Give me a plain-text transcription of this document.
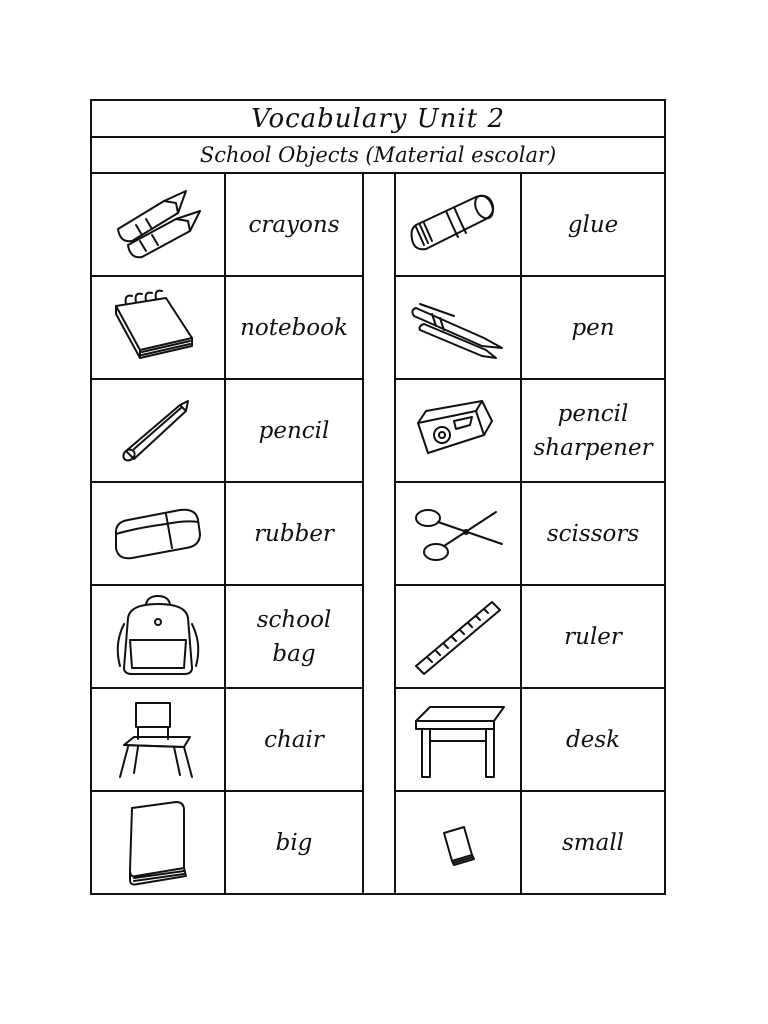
Vocabulary Unit 2				
School Objects (Material escolar)				

crayons			glue

notebook			pen

pencil			pencil
sharpener

rubber			scissors

school
bag			ruler

chair			desk

big			small
